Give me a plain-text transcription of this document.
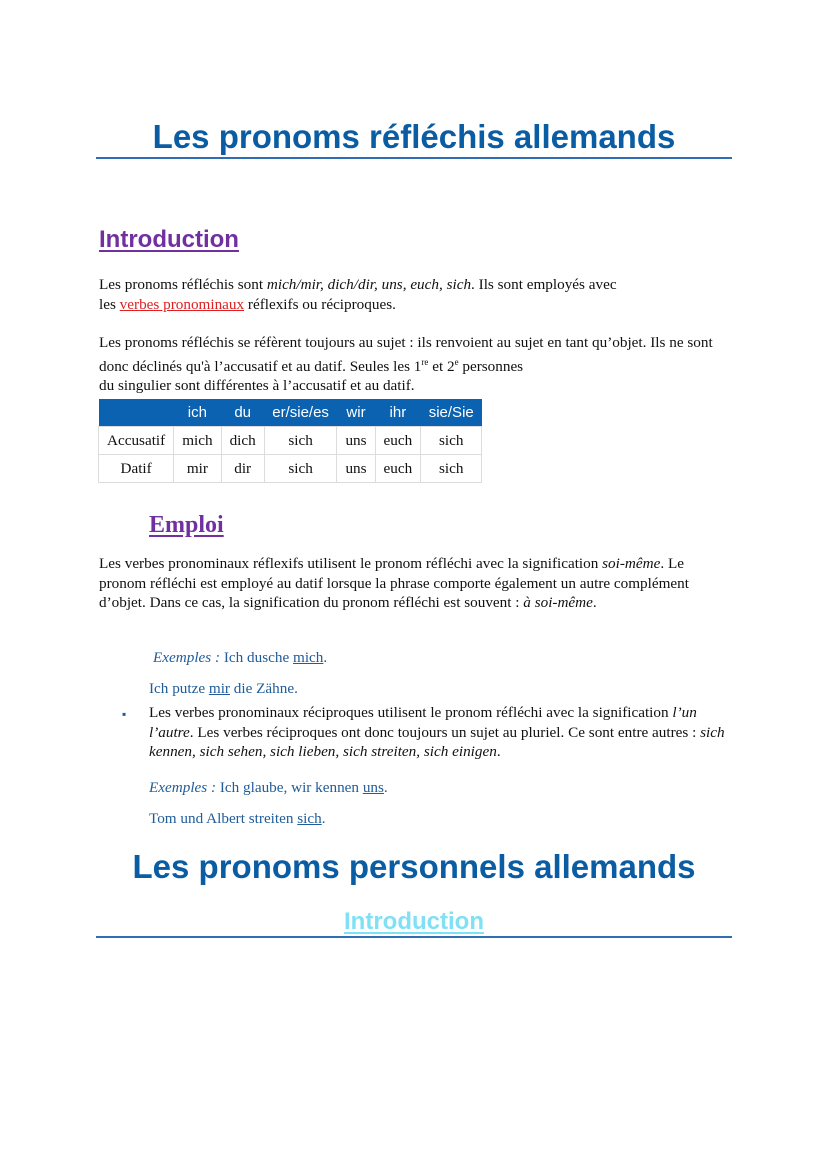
Les pronoms réfléchis allemands
Introduction
Les pronoms réfléchis sont mich/mir, dich/dir, uns, euch, sich. Ils sont employés avec
les verbes pronominaux réflexifs ou réciproques.
Les pronoms réfléchis se réfèrent toujours au sujet : ils renvoient au sujet en tant qu’objet. Ils ne sont donc déclinés qu'à l’accusatif et au datif. Seules les 1re et 2e personnes
du singulier sont différentes à l’accusatif et au datif.
	ich	du	er/sie/es	wir	ihr	sie/Sie
Accusatif	mich	dich	sich	uns	euch	sich
Datif	mir	dir	sich	uns	euch	sich
Emploi
Les verbes pronominaux réflexifs utilisent le pronom réfléchi avec la signification soi-même. Le pronom réfléchi est employé au datif lorsque la phrase comporte également un autre complément d’objet. Dans ce cas, la signification du pronom réfléchi est souvent : à soi-même.
Exemples : Ich dusche mich.
Ich putze mir die Zähne.
▪ Les verbes pronominaux réciproques utilisent le pronom réfléchi avec la signification l’un l’autre. Les verbes réciproques ont donc toujours un sujet au pluriel. Ce sont entre autres : sich kennen, sich sehen, sich lieben, sich streiten, sich einigen.
Exemples : Ich glaube, wir kennen uns.
Tom und Albert streiten sich.
Les pronoms personnels allemands
Introduction
